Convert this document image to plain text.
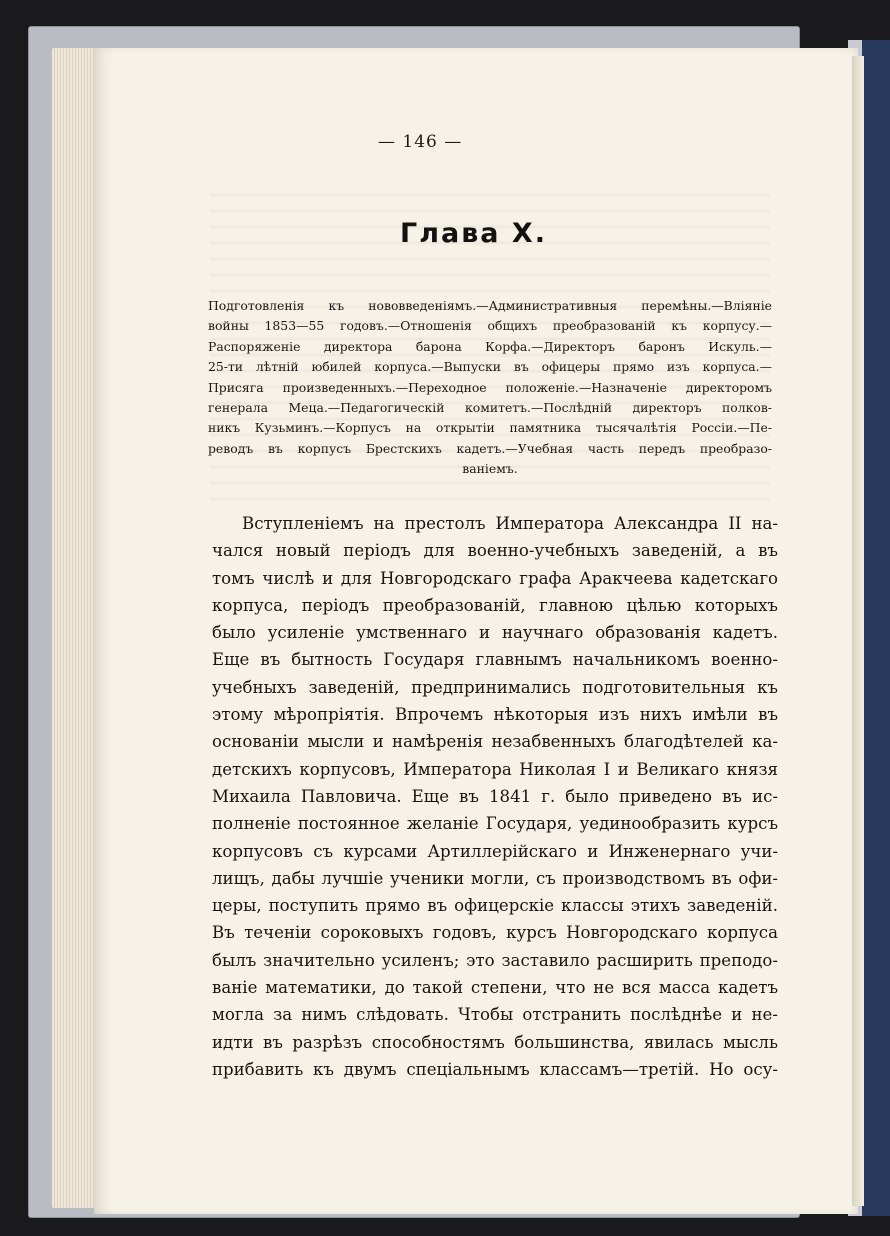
— 146 —
Глава X.
Подготовленія къ нововведеніямъ.—Административныя перемѣны.—Вліяніе
войны 1853—55 годовъ.—Отношенія общихъ преобразованій къ корпусу.—
Распоряженіе директора барона Корфа.—Директоръ баронъ Искуль.—
25-ти лѣтній юбилей корпуса.—Выпуски въ офицеры прямо изъ корпуса.—
Присяга произведенныхъ.—Переходное положеніе.—Назначеніе директоромъ
генерала Меца.—Педагогическій комитетъ.—Послѣдній директоръ полков-
никъ Кузьминъ.—Корпусъ на открытіи памятника тысячалѣтія Россіи.—Пе-
реводъ въ корпусъ Брестскихъ кадетъ.—Учебная часть передъ преобразо-
ваніемъ.
Вступленіемъ на престолъ Императора Александра II на-
чался новый періодъ для военно-учебныхъ заведеній, а въ
томъ числѣ и для Новгородскаго графа Аракчеева кадетскаго
корпуса, періодъ преобразованій, главною цѣлью которыхъ
было усиленіе умственнаго и научнаго образованія кадетъ.
Еще въ бытность Государя главнымъ начальникомъ военно-
учебныхъ заведеній, предпринимались подготовительныя къ
этому мѣропріятія. Впрочемъ нѣкоторыя изъ нихъ имѣли въ
основаніи мысли и намѣренія незабвенныхъ благодѣтелей ка-
детскихъ корпусовъ, Императора Николая I и Великаго князя
Михаила Павловича. Еще въ 1841 г. было приведено въ ис-
полненіе постоянное желаніе Государя, уединообразить курсъ
корпусовъ съ курсами Артиллерійскаго и Инженернаго учи-
лищъ, дабы лучшіе ученики могли, съ производствомъ въ офи-
церы, поступить прямо въ офицерскіе классы этихъ заведеній.
Въ теченіи сороковыхъ годовъ, курсъ Новгородскаго корпуса
былъ значительно усиленъ; это заставило расширить преподо-
ваніе математики, до такой степени, что не вся масса кадетъ
могла за нимъ слѣдовать. Чтобы отстранить послѣднѣе и не-
идти въ разрѣзъ способностямъ большинства, явилась мысль
прибавить къ двумъ спеціальнымъ классамъ—третій. Но осу-
